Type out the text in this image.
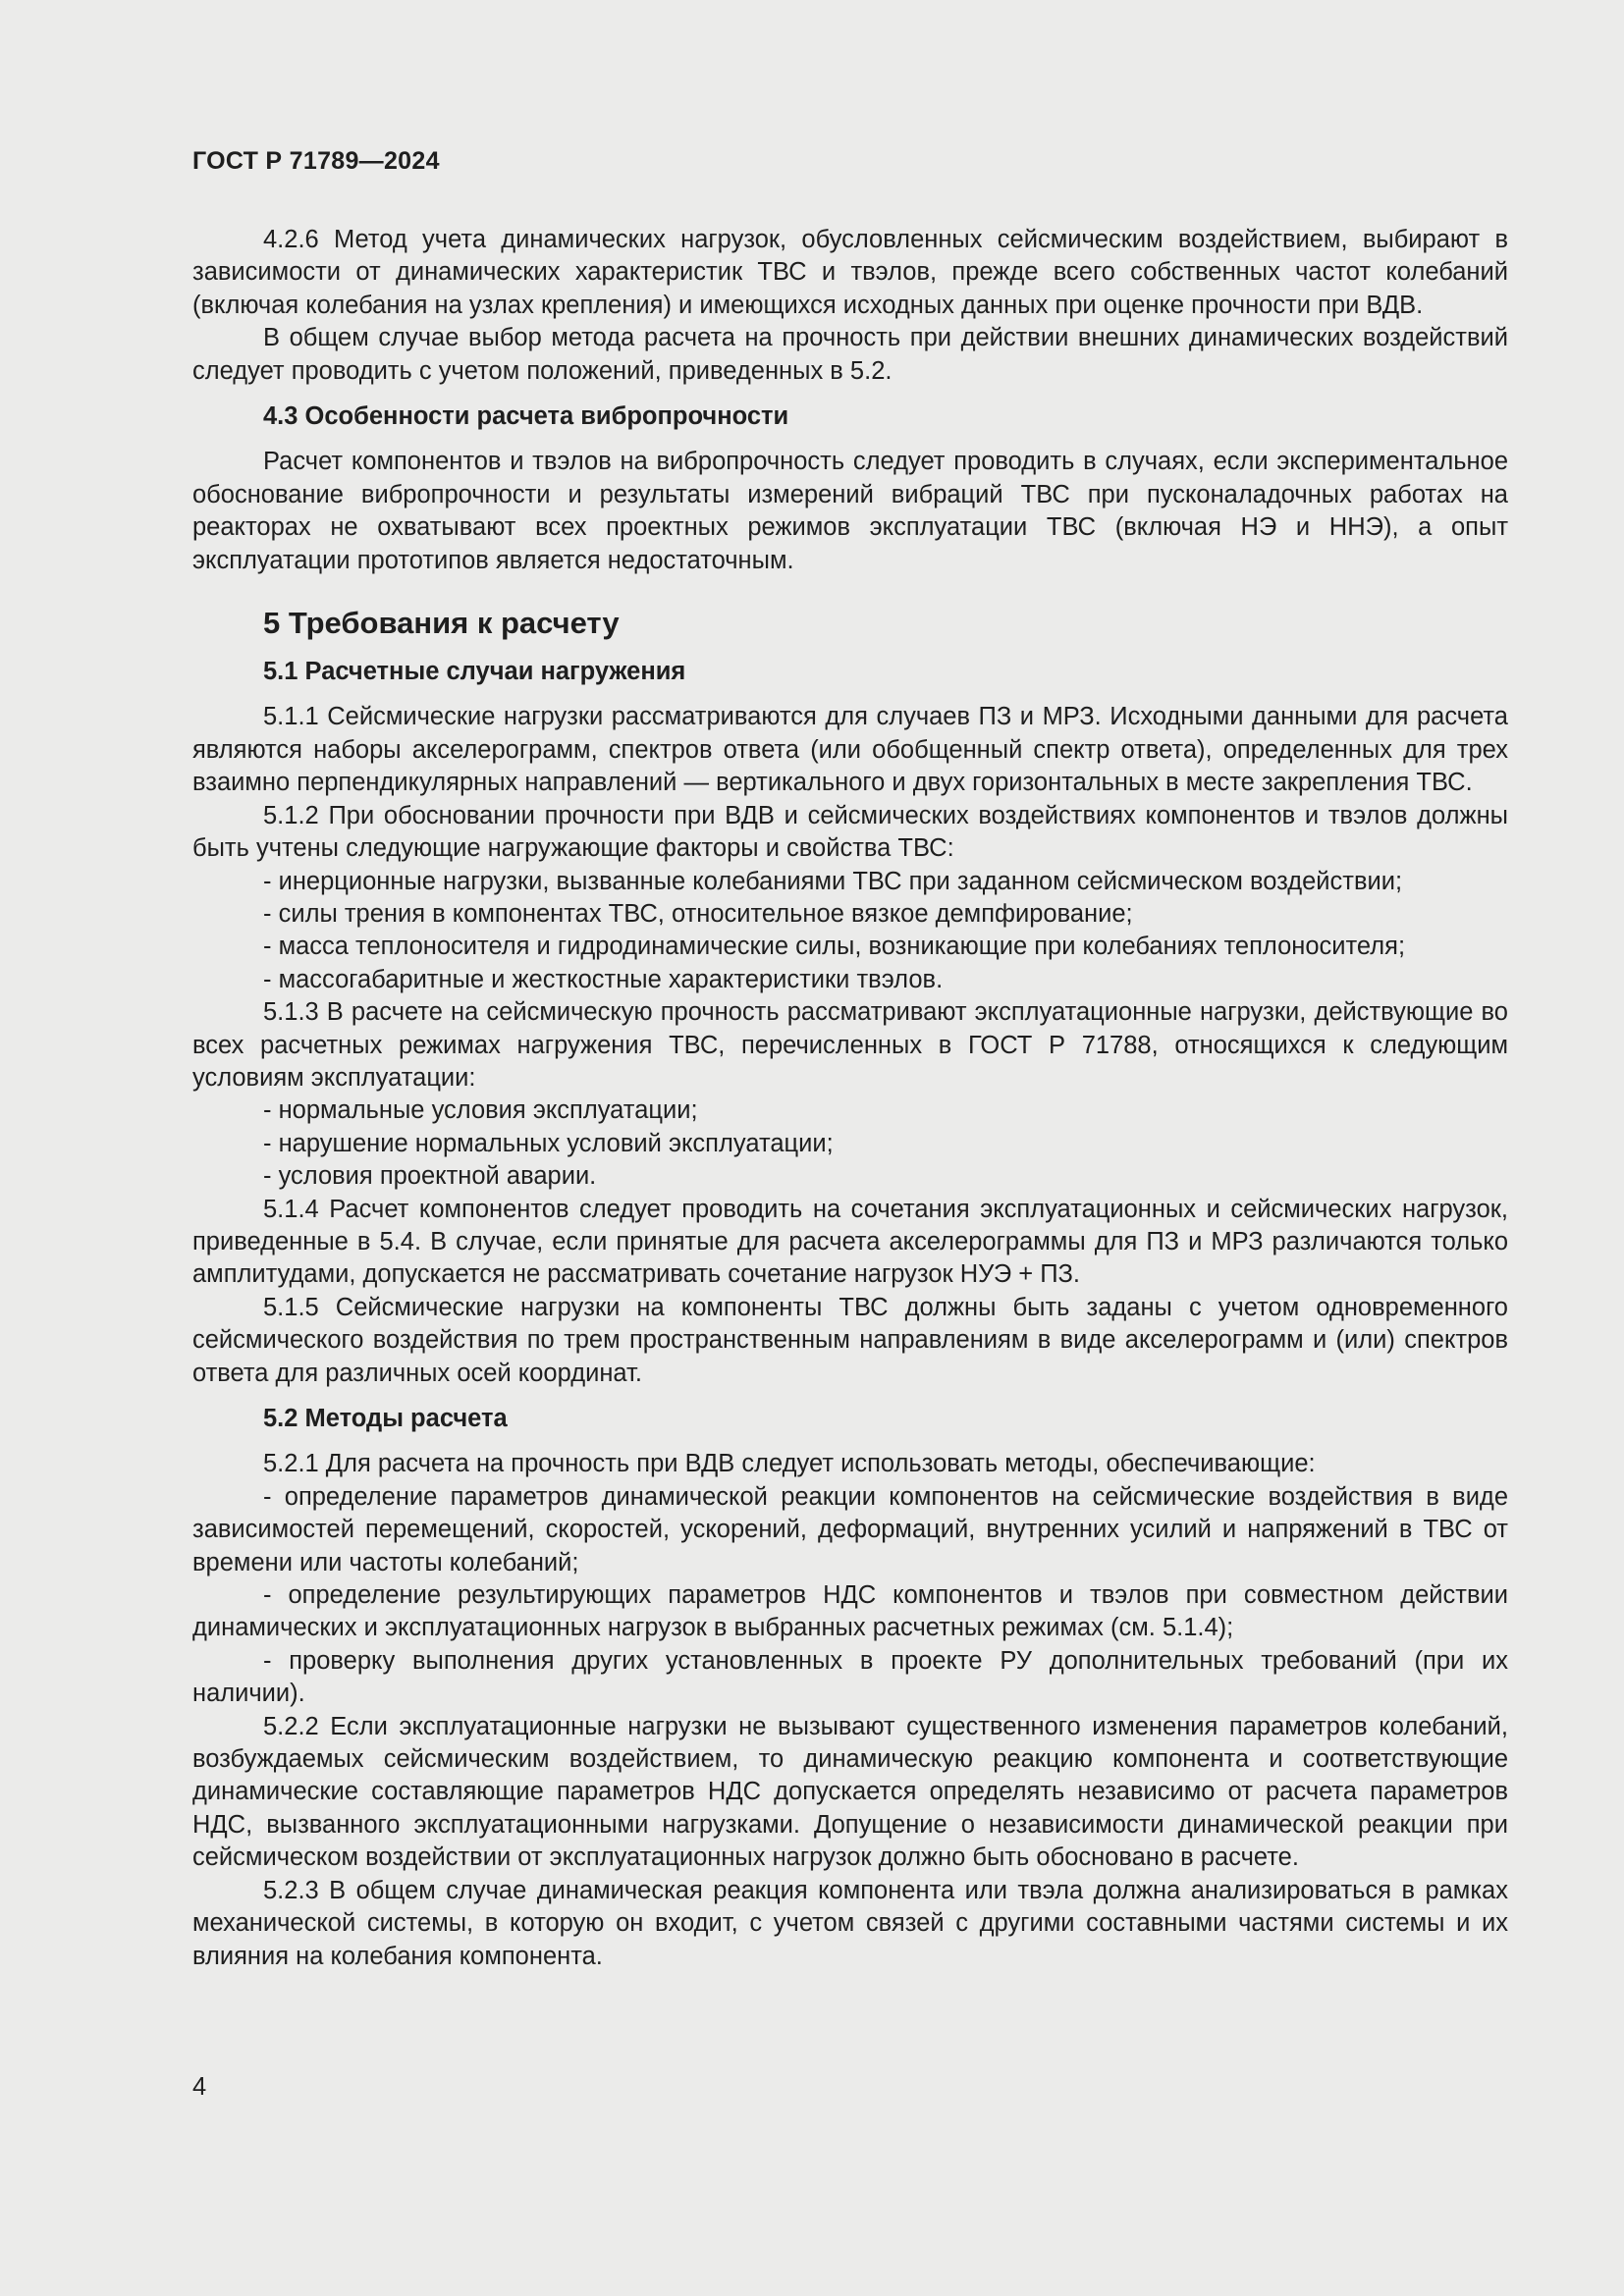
ГОСТ Р 71789—2024

4.2.6 Метод учета динамических нагрузок, обусловленных сейсмическим воздействием, выбирают в зависимости от динамических характеристик ТВС и твэлов, прежде всего собственных частот колебаний (включая колебания на узлах крепления) и имеющихся исходных данных при оценке прочности при ВДВ.

В общем случае выбор метода расчета на прочность при действии внешних динамических воздействий следует проводить с учетом положений, приведенных в 5.2.

4.3 Особенности расчета вибропрочности

Расчет компонентов и твэлов на вибропрочность следует проводить в случаях, если экспериментальное обоснование вибропрочности и результаты измерений вибраций ТВС при пусконаладочных работах на реакторах не охватывают всех проектных режимов эксплуатации ТВС (включая НЭ и ННЭ), а опыт эксплуатации прототипов является недостаточным.

5 Требования к расчету

5.1 Расчетные случаи нагружения

5.1.1 Сейсмические нагрузки рассматриваются для случаев ПЗ и МРЗ. Исходными данными для расчета являются наборы акселерограмм, спектров ответа (или обобщенный спектр ответа), определенных для трех взаимно перпендикулярных направлений — вертикального и двух горизонтальных в месте закрепления ТВС.

5.1.2 При обосновании прочности при ВДВ и сейсмических воздействиях компонентов и твэлов должны быть учтены следующие нагружающие факторы и свойства ТВС:

- инерционные нагрузки, вызванные колебаниями ТВС при заданном сейсмическом воздействии;

- силы трения в компонентах ТВС, относительное вязкое демпфирование;

- масса теплоносителя и гидродинамические силы, возникающие при колебаниях теплоносителя;

- массогабаритные и жесткостные характеристики твэлов.

5.1.3 В расчете на сейсмическую прочность рассматривают эксплуатационные нагрузки, действующие во всех расчетных режимах нагружения ТВС, перечисленных в ГОСТ Р 71788, относящихся к следующим условиям эксплуатации:

- нормальные условия эксплуатации;

- нарушение нормальных условий эксплуатации;

- условия проектной аварии.

5.1.4 Расчет компонентов следует проводить на сочетания эксплуатационных и сейсмических нагрузок, приведенные в 5.4. В случае, если принятые для расчета акселерограммы для ПЗ и МРЗ различаются только амплитудами, допускается не рассматривать сочетание нагрузок НУЭ + ПЗ.

5.1.5 Сейсмические нагрузки на компоненты ТВС должны быть заданы с учетом одновременного сейсмического воздействия по трем пространственным направлениям в виде акселерограмм и (или) спектров ответа для различных осей координат.

5.2 Методы расчета

5.2.1 Для расчета на прочность при ВДВ следует использовать методы, обеспечивающие:

- определение параметров динамической реакции компонентов на сейсмические воздействия в виде зависимостей перемещений, скоростей, ускорений, деформаций, внутренних усилий и напряжений в ТВС от времени или частоты колебаний;

- определение результирующих параметров НДС компонентов и твэлов при совместном действии динамических и эксплуатационных нагрузок в выбранных расчетных режимах (см. 5.1.4);

- проверку выполнения других установленных в проекте РУ дополнительных требований (при их наличии).

5.2.2 Если эксплуатационные нагрузки не вызывают существенного изменения параметров колебаний, возбуждаемых сейсмическим воздействием, то динамическую реакцию компонента и соответствующие динамические составляющие параметров НДС допускается определять независимо от расчета параметров НДС, вызванного эксплуатационными нагрузками. Допущение о независимости динамической реакции при сейсмическом воздействии от эксплуатационных нагрузок должно быть обосновано в расчете.

5.2.3 В общем случае динамическая реакция компонента или твэла должна анализироваться в рамках механической системы, в которую он входит, с учетом связей с другими составными частями системы и их влияния на колебания компонента.

4
